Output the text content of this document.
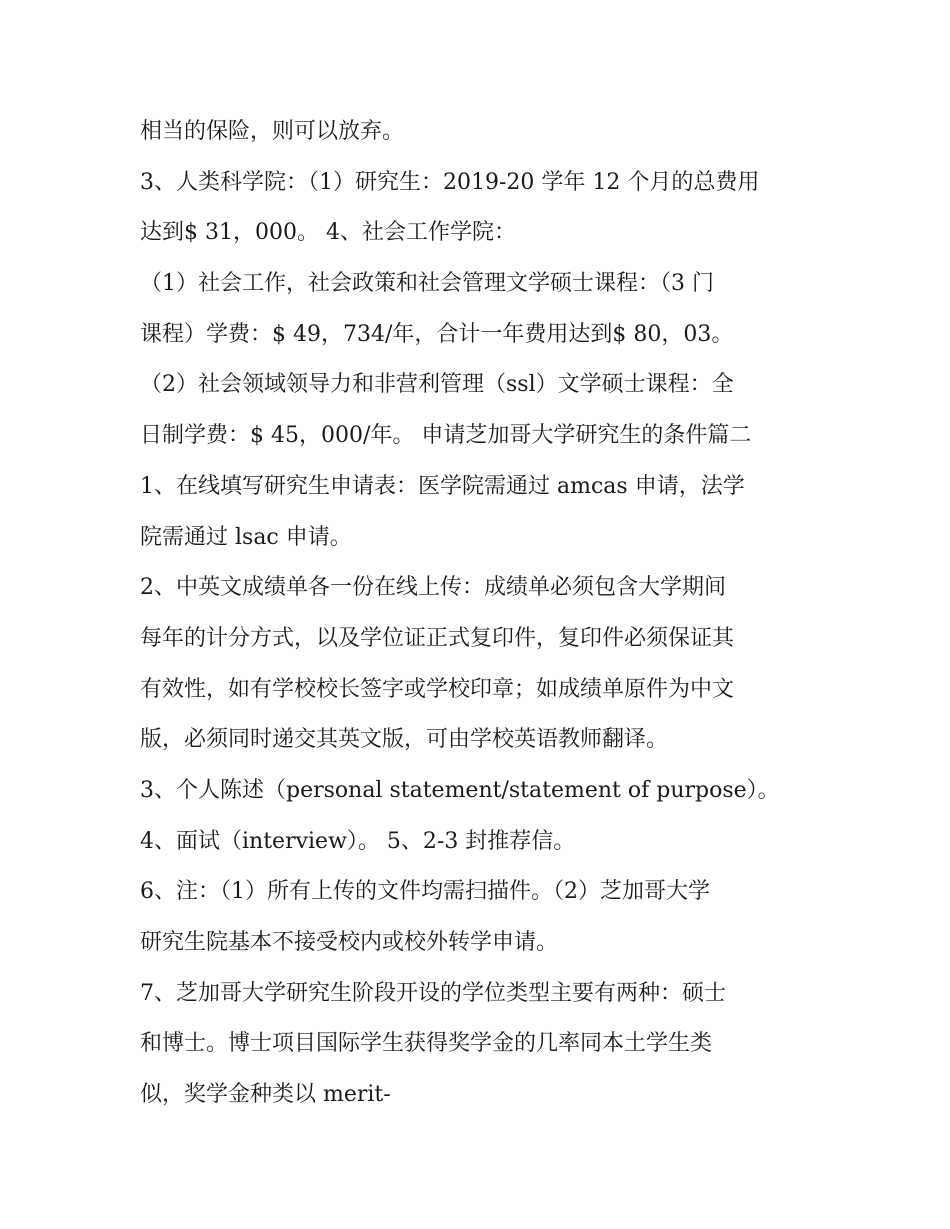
相当的保险，则可以放弃。
3、人类科学院：（1）研究生：2019-20 学年 12 个月的总费用
达到$ 31，000。 4、社会工作学院：
（1）社会工作，社会政策和社会管理文学硕士课程：（3 门
课程）学费：$ 49，734/年，合计一年费用达到$ 80，03。
（2）社会领域领导力和非营利管理（ssl）文学硕士课程：全
日制学费：$ 45，000/年。 申请芝加哥大学研究生的条件篇二
1、在线填写研究生申请表：医学院需通过 amcas 申请，法学
院需通过 lsac 申请。
2、中英文成绩单各一份在线上传：成绩单必须包含大学期间
每年的计分方式，以及学位证正式复印件，复印件必须保证其
有效性，如有学校校长签字或学校印章；如成绩单原件为中文
版，必须同时递交其英文版，可由学校英语教师翻译。
3、个人陈述（personal statement/statement of purpose）。
4、面试（interview）。 5、2-3 封推荐信。
6、注：（1）所有上传的文件均需扫描件。（2）芝加哥大学
研究生院基本不接受校内或校外转学申请。
7、芝加哥大学研究生阶段开设的学位类型主要有两种：硕士
和博士。博士项目国际学生获得奖学金的几率同本土学生类
似，奖学金种类以 merit-
